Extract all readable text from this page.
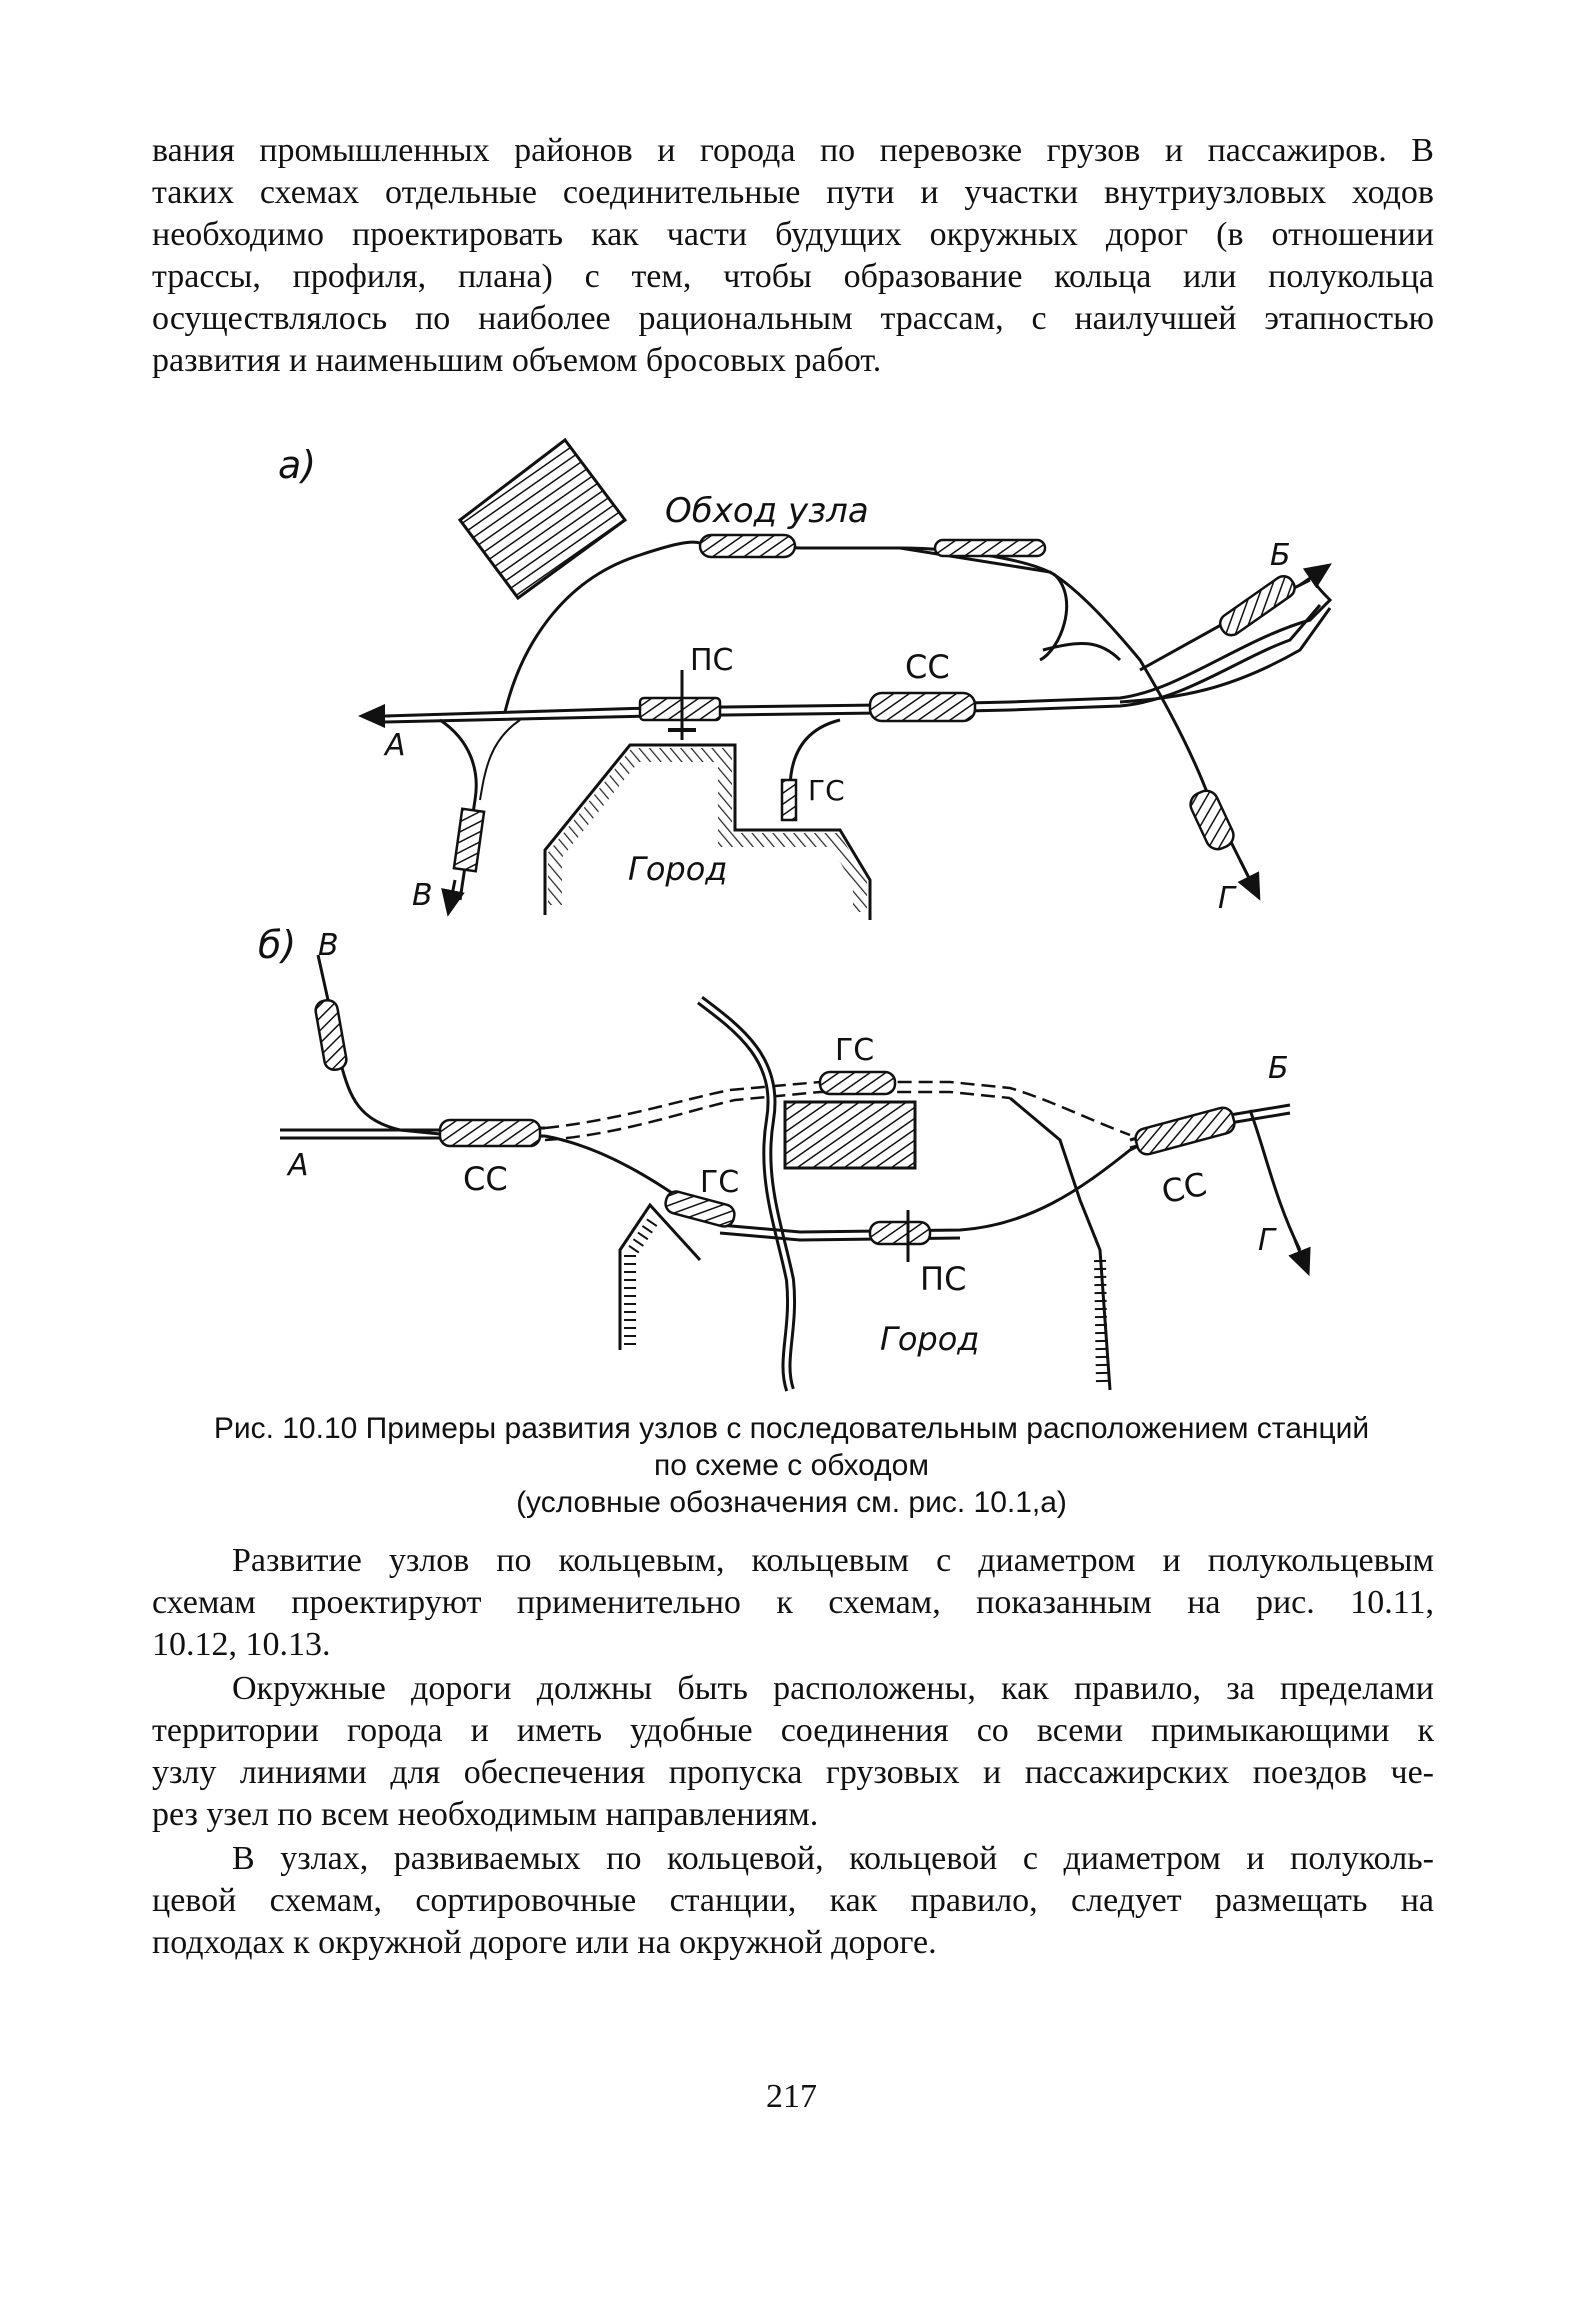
вания промышленных районов и города по перевозке грузов и пассажиров. В
таких схемах отдельные соединительные пути и участки внутриузловых ходов
необходимо проектировать как части будущих окружных дорог (в отношении
трассы, профиля, плана) с тем, чтобы образование кольца или полукольца
осуществлялось по наиболее рациональным трассам, с наилучшей этапностью
развития и наименьшим объемом бросовых работ.

а)
Обход узла
ПС	СС
ГС
Город
А
Б
В	Г
б) В
А	СС
ГС
ГС
ПС
СС
Б
Г
Город

Рис. 10.10 Примеры развития узлов с последовательным расположением станций
по схеме с обходом
(условные обозначения см. рис. 10.1,а)

Развитие узлов по кольцевым, кольцевым с диаметром и полукольцевым
схемам проектируют применительно к схемам, показанным на рис. 10.11,
10.12, 10.13.

Окружные дороги должны быть расположены, как правило, за пределами
территории города и иметь удобные соединения со всеми примыкающими к
узлу линиями для обеспечения пропуска грузовых и пассажирских поездов че-
рез узел по всем необходимым направлениям.

В узлах, развиваемых по кольцевой, кольцевой с диаметром и полуколь-
цевой схемам, сортировочные станции, как правило, следует размещать на
подходах к окружной дороге или на окружной дороге.

217
